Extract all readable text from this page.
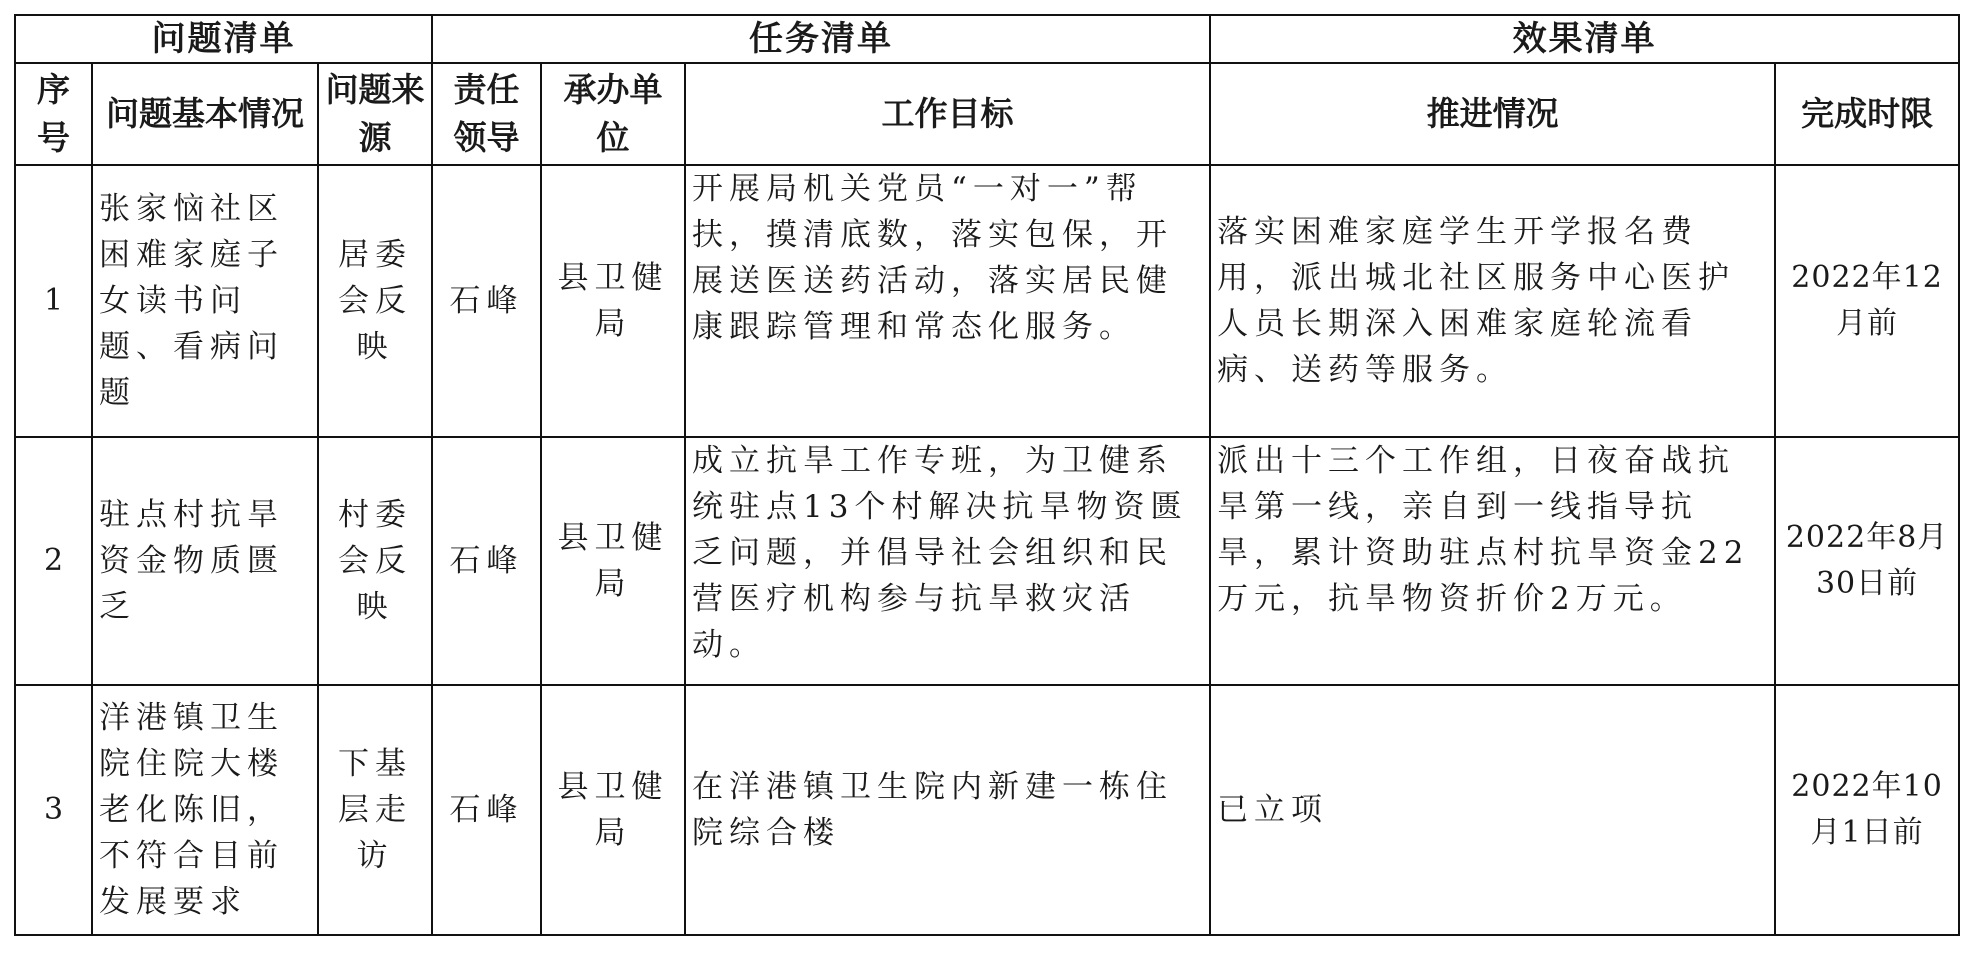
问题清单			任务清单			效果清单	
序号	问题基本情况	问题来源	责任领导	承办单位	工作目标	推进情况	完成时限
1	张家恼社区困难家庭子女读书问题、看病问题	居委会反映	石峰	县卫健局	开展局机关党员“一对一”帮扶，摸清底数，落实包保，开展送医送药活动，落实居民健康跟踪管理和常态化服务。	落实困难家庭学生开学报名费用，派出城北社区服务中心医护人员长期深入困难家庭轮流看病、送药等服务。	2022年12月前
2	驻点村抗旱资金物质匮乏	村委会反映	石峰	县卫健局	成立抗旱工作专班，为卫健系统驻点13个村解决抗旱物资匮乏问题，并倡导社会组织和民营医疗机构参与抗旱救灾活动。	派出十三个工作组，日夜奋战抗旱第一线，亲自到一线指导抗旱，累计资助驻点村抗旱资金22万元，抗旱物资折价2万元。	2022年8月30日前
3	洋港镇卫生院住院大楼老化陈旧，不符合目前发展要求	下基层走访	石峰	县卫健局	在洋港镇卫生院内新建一栋住院综合楼	已立项	2022年10月1日前
